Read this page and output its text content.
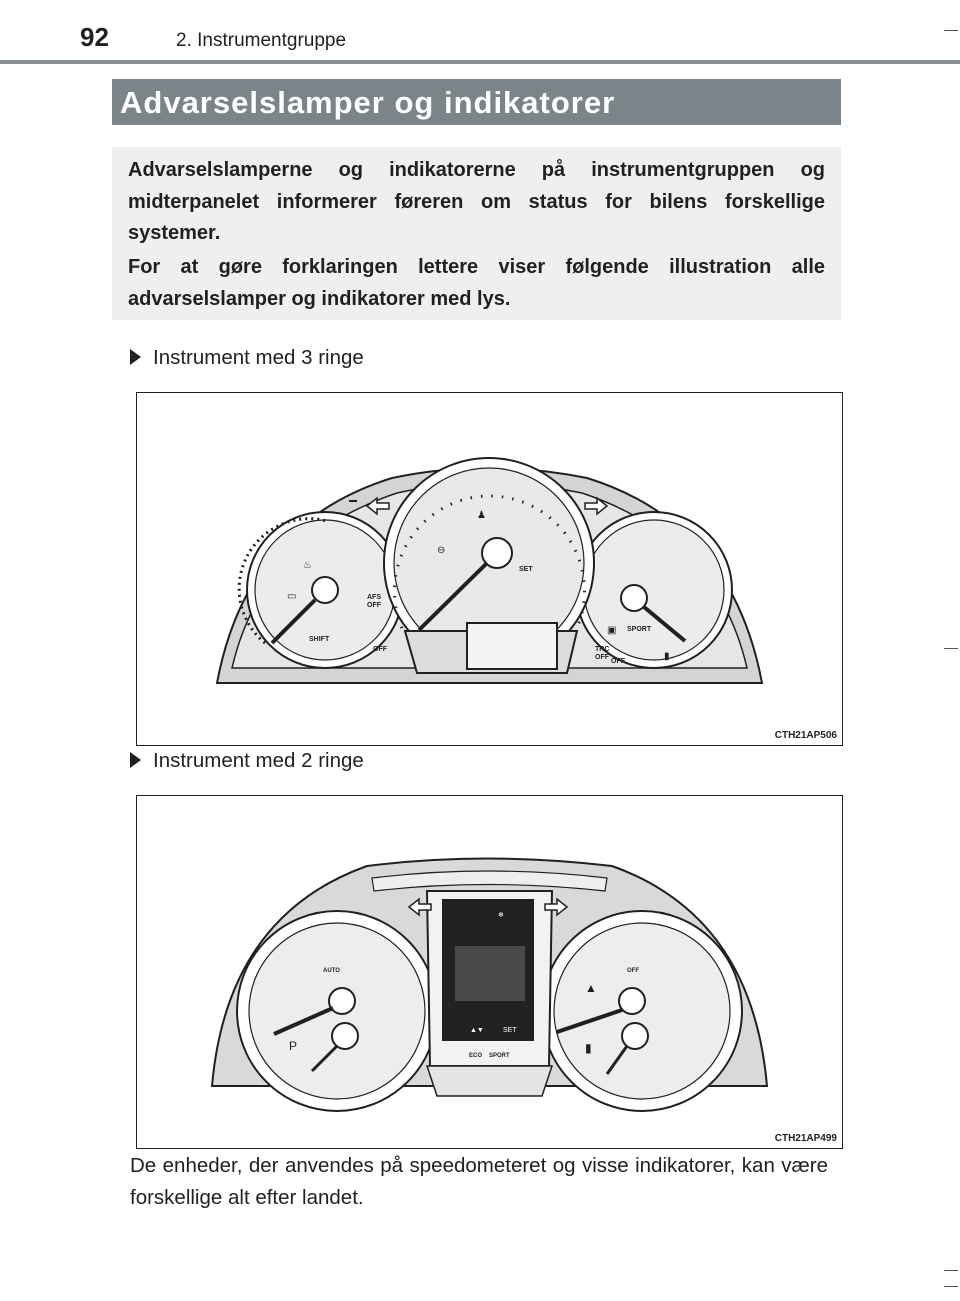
92	2. Instrumentgruppe
Advarselslamper og indikatorer

Advarselslamperne og indikatorerne på instrumentgruppen og midterpanelet informerer føreren om status for bilens forskellige systemer.

For at gøre forklaringen lettere viser følgende illustration alle advarselslamper og indikatorer med lys.

Instrument med 3 ringe
AFS
OFF
SHIFT
OFF
SET
SPORT
TRC
OFF
OFF
♟
⊖
♨
▭
▮
▣
CTH21AP506
Instrument med 2 ringe
SET
▲▼
❄
AUTO
ECO SPORT
OFF
P
▲
▮
CTH21AP499
De enheder, der anvendes på speedometeret og visse indikatorer, kan være forskellige alt efter landet.
